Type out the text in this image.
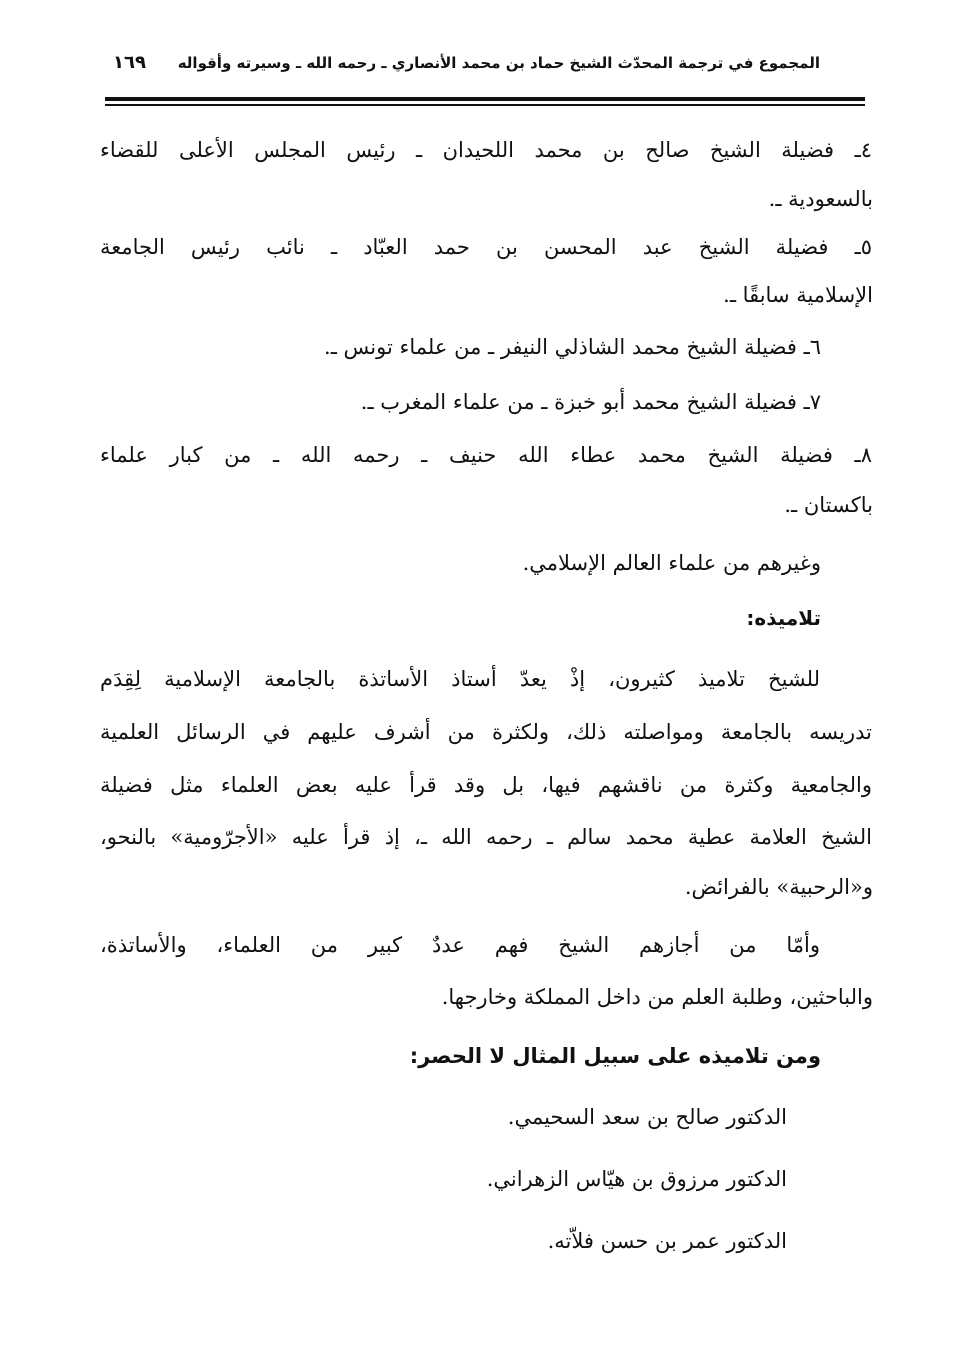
المجموع في ترجمة المحدّث الشيخ حماد بن محمد الأنصاري ـ رحمه الله ـ وسيرته وأقواله
١٦٩
٤ـ فضيلة الشيخ صالح بن محمد اللحيدان ـ رئيس المجلس الأعلى للقضاء
بالسعودية ـ.
٥ـ فضيلة الشيخ عبد المحسن بن حمد العبّاد ـ نائب رئيس الجامعة
الإسلامية سابقًا ـ.
٦ـ فضيلة الشيخ محمد الشاذلي النيفر ـ من علماء تونس ـ.
٧ـ فضيلة الشيخ محمد أبو خبزة ـ من علماء المغرب ـ.
٨ـ فضيلة الشيخ محمد عطاء الله حنيف ـ رحمه الله ـ من كبار علماء
باكستان ـ.
وغيرهم من علماء العالم الإسلامي.
تلاميذه:
للشيخ تلاميذ كثيرون، إذْ يعدّ أستاذ الأساتذة بالجامعة الإسلامية لِقِدَم
تدريسه بالجامعة ومواصلته ذلك، ولكثرة من أشرف عليهم في الرسائل العلمية
والجامعية وكثرة من ناقشهم فيها، بل وقد قرأ عليه بعض العلماء مثل فضيلة
الشيخ العلامة عطية محمد سالم ـ رحمه الله ـ، إذ قرأ عليه «الأجرّومية» بالنحو،
و«الرحبية» بالفرائض.
وأمّا من أجازهم الشيخ فهم عددٌ كبير من العلماء، والأساتذة،
والباحثين، وطلبة العلم من داخل المملكة وخارجها.
ومن تلاميذه على سبيل المثال لا الحصر:
الدكتور صالح بن سعد السحيمي.
الدكتور مرزوق بن هيّاس الزهراني.
الدكتور عمر بن حسن فلاّته.
